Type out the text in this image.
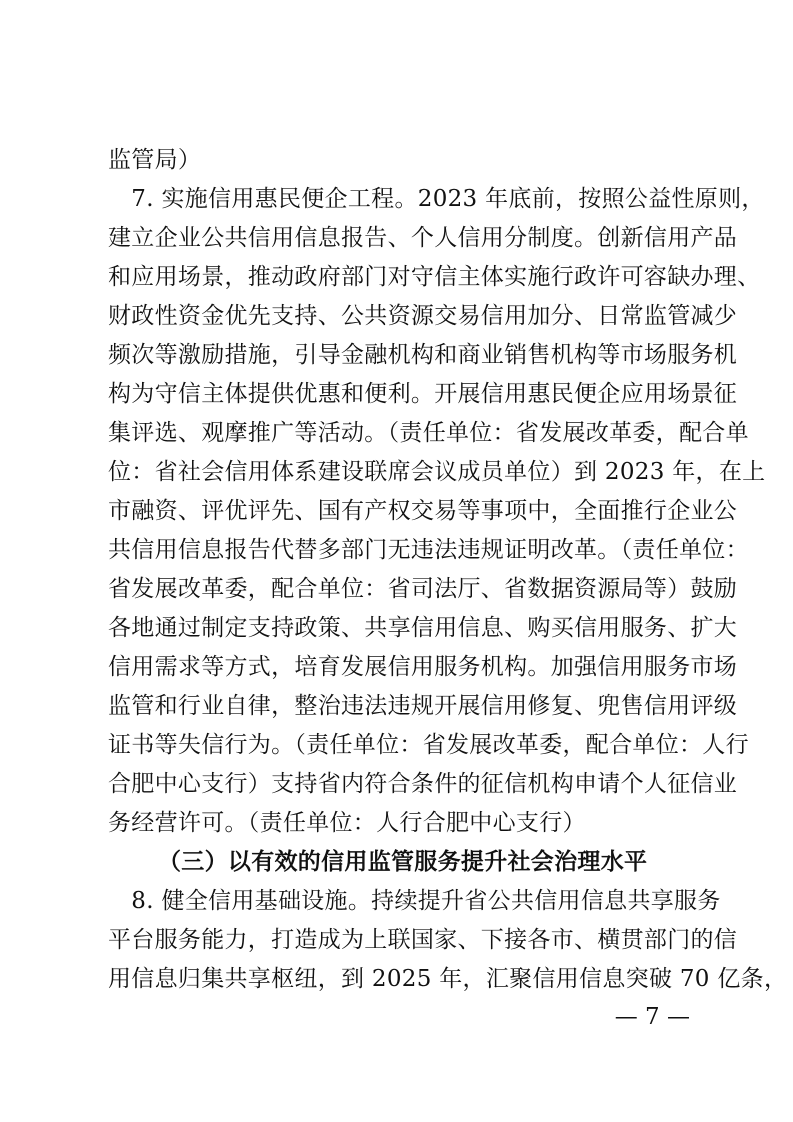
监管局）
　7. 实施信用惠民便企工程。2023 年底前，按照公益性原则，
建立企业公共信用信息报告、个人信用分制度。创新信用产品
和应用场景，推动政府部门对守信主体实施行政许可容缺办理、
财政性资金优先支持、公共资源交易信用加分、日常监管减少
频次等激励措施，引导金融机构和商业销售机构等市场服务机
构为守信主体提供优惠和便利。开展信用惠民便企应用场景征
集评选、观摩推广等活动。（责任单位：省发展改革委，配合单
位：省社会信用体系建设联席会议成员单位）到 2023 年，在上
市融资、评优评先、国有产权交易等事项中，全面推行企业公
共信用信息报告代替多部门无违法违规证明改革。（责任单位：
省发展改革委，配合单位：省司法厅、省数据资源局等）鼓励
各地通过制定支持政策、共享信用信息、购买信用服务、扩大
信用需求等方式，培育发展信用服务机构。加强信用服务市场
监管和行业自律，整治违法违规开展信用修复、兜售信用评级
证书等失信行为。（责任单位：省发展改革委，配合单位：人行
合肥中心支行）支持省内符合条件的征信机构申请个人征信业
务经营许可。（责任单位：人行合肥中心支行）
（三）以有效的信用监管服务提升社会治理水平
　8. 健全信用基础设施。持续提升省公共信用信息共享服务
平台服务能力，打造成为上联国家、下接各市、横贯部门的信
用信息归集共享枢纽，到 2025 年，汇聚信用信息突破 70 亿条，
— 7 —
